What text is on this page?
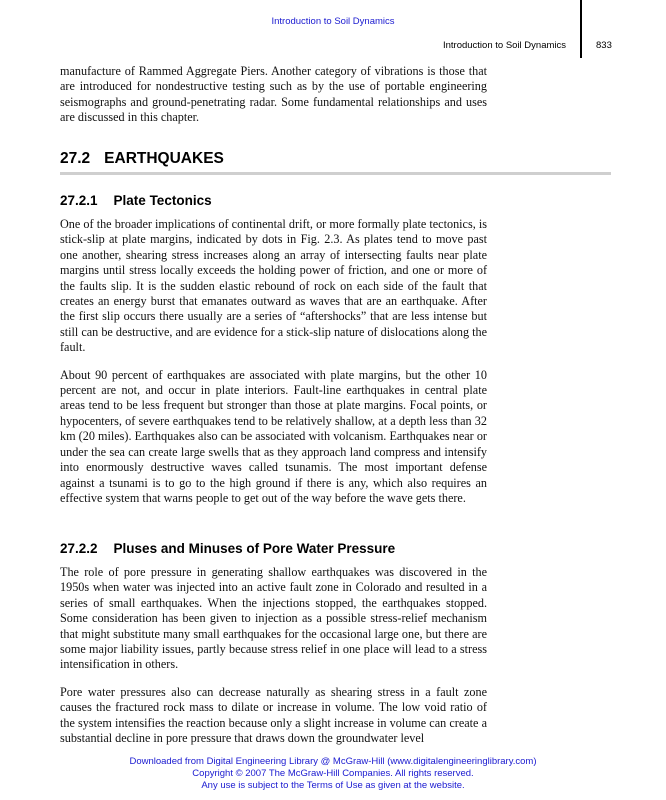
Introduction to Soil Dynamics
Introduction to Soil Dynamics	833

manufacture of Rammed Aggregate Piers. Another category of vibrations is those that are introduced for nondestructive testing such as by the use of portable engineering seismographs and ground-penetrating radar. Some fundamental relationships and uses are discussed in this chapter.

27.2 EARTHQUAKES
27.2.1 Plate Tectonics

One of the broader implications of continental drift, or more formally plate tectonics, is stick-slip at plate margins, indicated by dots in Fig. 2.3. As plates tend to move past one another, shearing stress increases along an array of intersecting faults near plate margins until stress locally exceeds the holding power of friction, and one or more of the faults slip. It is the sudden elastic rebound of rock on each side of the fault that creates an energy burst that emanates outward as waves that are an earthquake. After the first slip occurs there usually are a series of “aftershocks” that are less intense but still can be destructive, and are evidence for a stick-slip nature of dislocations along the fault.

About 90 percent of earthquakes are associated with plate margins, but the other 10 percent are not, and occur in plate interiors. Fault-line earthquakes in central plate areas tend to be less frequent but stronger than those at plate margins. Focal points, or hypocenters, of severe earthquakes tend to be relatively shallow, at a depth less than 32 km (20 miles). Earthquakes also can be associated with volcanism. Earthquakes near or under the sea can create large swells that as they approach land compress and intensify into enormously destructive waves called tsunamis. The most important defense against a tsunami is to go to the high ground if there is any, which also requires an effective system that warns people to get out of the way before the wave gets there.

27.2.2 Pluses and Minuses of Pore Water Pressure

The role of pore pressure in generating shallow earthquakes was discovered in the 1950s when water was injected into an active fault zone in Colorado and resulted in a series of small earthquakes. When the injections stopped, the earthquakes stopped. Some consideration has been given to injection as a possible stress-relief mechanism that might substitute many small earthquakes for the occasional large one, but there are some major liability issues, partly because stress relief in one place will lead to a stress intensification in others.

Pore water pressures also can decrease naturally as shearing stress in a fault zone causes the fractured rock mass to dilate or increase in volume. The low void ratio of the system intensifies the reaction because only a slight increase in volume can create a substantial decline in pore pressure that draws down the groundwater level

Downloaded from Digital Engineering Library @ McGraw-Hill (www.digitalengineeringlibrary.com)
Copyright © 2007 The McGraw-Hill Companies. All rights reserved.
Any use is subject to the Terms of Use as given at the website.
